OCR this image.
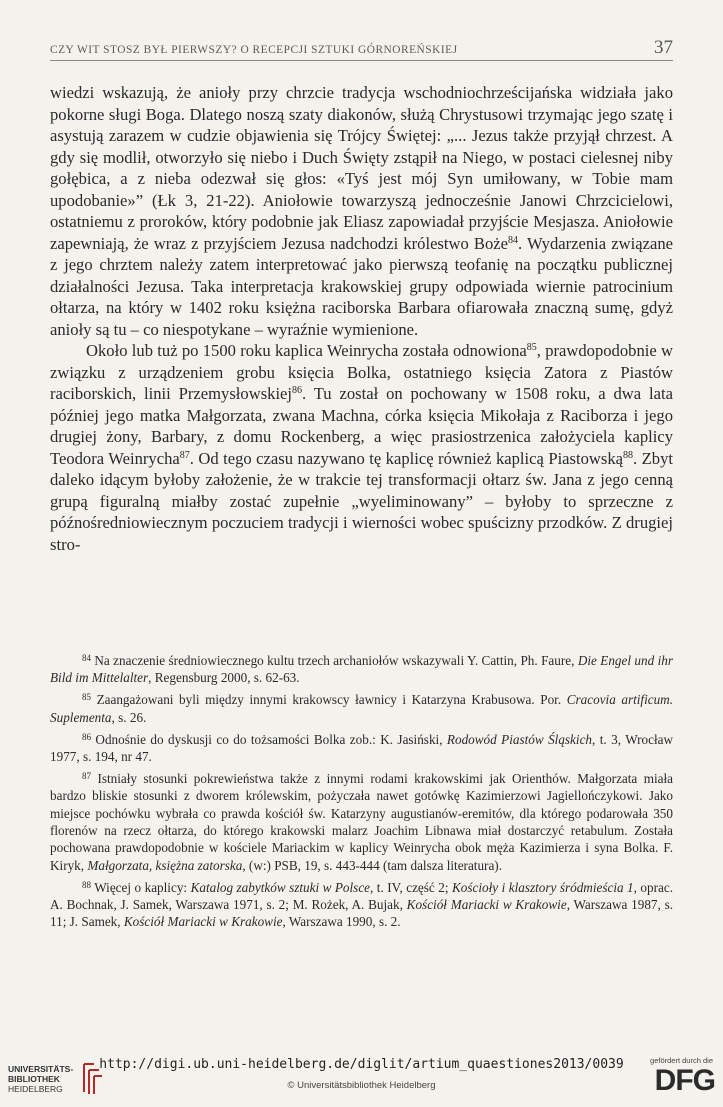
CZY WIT STOSZ BYŁ PIERWSZY? O RECEPCJI SZTUKI GÓRNOREŃSKIEJ	37

wiedzi wskazują, że anioły przy chrzcie tradycja wschodniochrześcijańska widziała jako pokorne sługi Boga. Dlatego noszą szaty diakonów, służą Chrystusowi trzymając jego szatę i asystują zarazem w cudzie objawienia się Trójcy Świętej: „... Jezus także przyjął chrzest. A gdy się modlił, otworzyło się niebo i Duch Święty zstąpił na Niego, w postaci cielesnej niby gołębica, a z nieba odezwał się głos: «Tyś jest mój Syn umiłowany, w Tobie mam upodobanie»” (Łk 3, 21-22). Aniołowie towarzyszą jednocześnie Janowi Chrzcicielowi, ostatniemu z proroków, który podobnie jak Eliasz zapowiadał przyjście Mesjasza. Aniołowie zapewniają, że wraz z przyjściem Jezusa nadchodzi królestwo Boże$^{84}$. Wydarzenia związane z jego chrztem należy zatem interpretować jako pierwszą teofanię na początku publicznej działalności Jezusa. Taka interpretacja krakowskiej grupy odpowiada wiernie patrocinium ołtarza, na który w 1402 roku księżna raciborska Barbara ofiarowała znaczną sumę, gdyż anioły są tu – co niespotykane – wyraźnie wymienione.

Około lub tuż po 1500 roku kaplica Weinrycha została odnowiona$^{85}$, prawdopodobnie w związku z urządzeniem grobu księcia Bolka, ostatniego księcia Zatora z Piastów raciborskich, linii Przemysłowskiej$^{86}$. Tu został on pochowany w 1508 roku, a dwa lata później jego matka Małgorzata, zwana Machna, córka księcia Mikołaja z Raciborza i jego drugiej żony, Barbary, z domu Rockenberg, a więc prasiostrzenica założyciela kaplicy Teodora Weinrycha$^{87}$. Od tego czasu nazywano tę kaplicę również kaplicą Piastowską$^{88}$. Zbyt daleko idącym byłoby założenie, że w trakcie tej transformacji ołtarz św. Jana z jego cenną grupą figuralną miałby zostać zupełnie „wyeliminowany” – byłoby to sprzeczne z późnośredniowiecznym poczuciem tradycji i wierności wobec spuścizny przodków. Z drugiej stro-

$^{84}$ Na znaczenie średniowiecznego kultu trzech archaniołów wskazywali Y. Cattin, Ph. Faure, Die Engel und ihr Bild im Mittelalter, Regensburg 2000, s. 62-63.

$^{85}$ Zaangażowani byli między innymi krakowscy ławnicy i Katarzyna Krabusowa. Por. Cracovia artificum. Suplementa, s. 26.

$^{86}$ Odnośnie do dyskusji co do tożsamości Bolka zob.: K. Jasiński, Rodowód Piastów Śląskich, t. 3, Wrocław 1977, s. 194, nr 47.

$^{87}$ Istniały stosunki pokrewieństwa także z innymi rodami krakowskimi jak Orienthów. Małgorzata miała bardzo bliskie stosunki z dworem królewskim, pożyczała nawet gotówkę Kazimierzowi Jagiellończykowi. Jako miejsce pochówku wybrała co prawda kościół św. Katarzyny augustianów-eremitów, dla którego podarowała 350 florenów na rzecz ołtarza, do którego krakowski malarz Joachim Libnawa miał dostarczyć retabulum. Została pochowana prawdopodobnie w kościele Mariackim w kaplicy Weinrycha obok męża Kazimierza i syna Bolka. F. Kiryk, Małgorzata, księżna zatorska, (w:) PSB, 19, s. 443-444 (tam dalsza literatura).

$^{88}$ Więcej o kaplicy: Katalog zabytków sztuki w Polsce, t. IV, część 2; Kościoły i klasztory śródmieścia 1, oprac. A. Bochnak, J. Samek, Warszawa 1971, s. 2; M. Rożek, A. Bujak, Kościół Mariacki w Krakowie, Warszawa 1987, s. 11; J. Samek, Kościół Mariacki w Krakowie, Warszawa 1990, s. 2.

UNIVERSITÄTS-
BIBLIOTHEK
HEIDELBERG
http://digi.ub.uni-heidelberg.de/diglit/artium_quaestiones2013/0039
© Universitätsbibliothek Heidelberg
gefördert durch die
DFG
